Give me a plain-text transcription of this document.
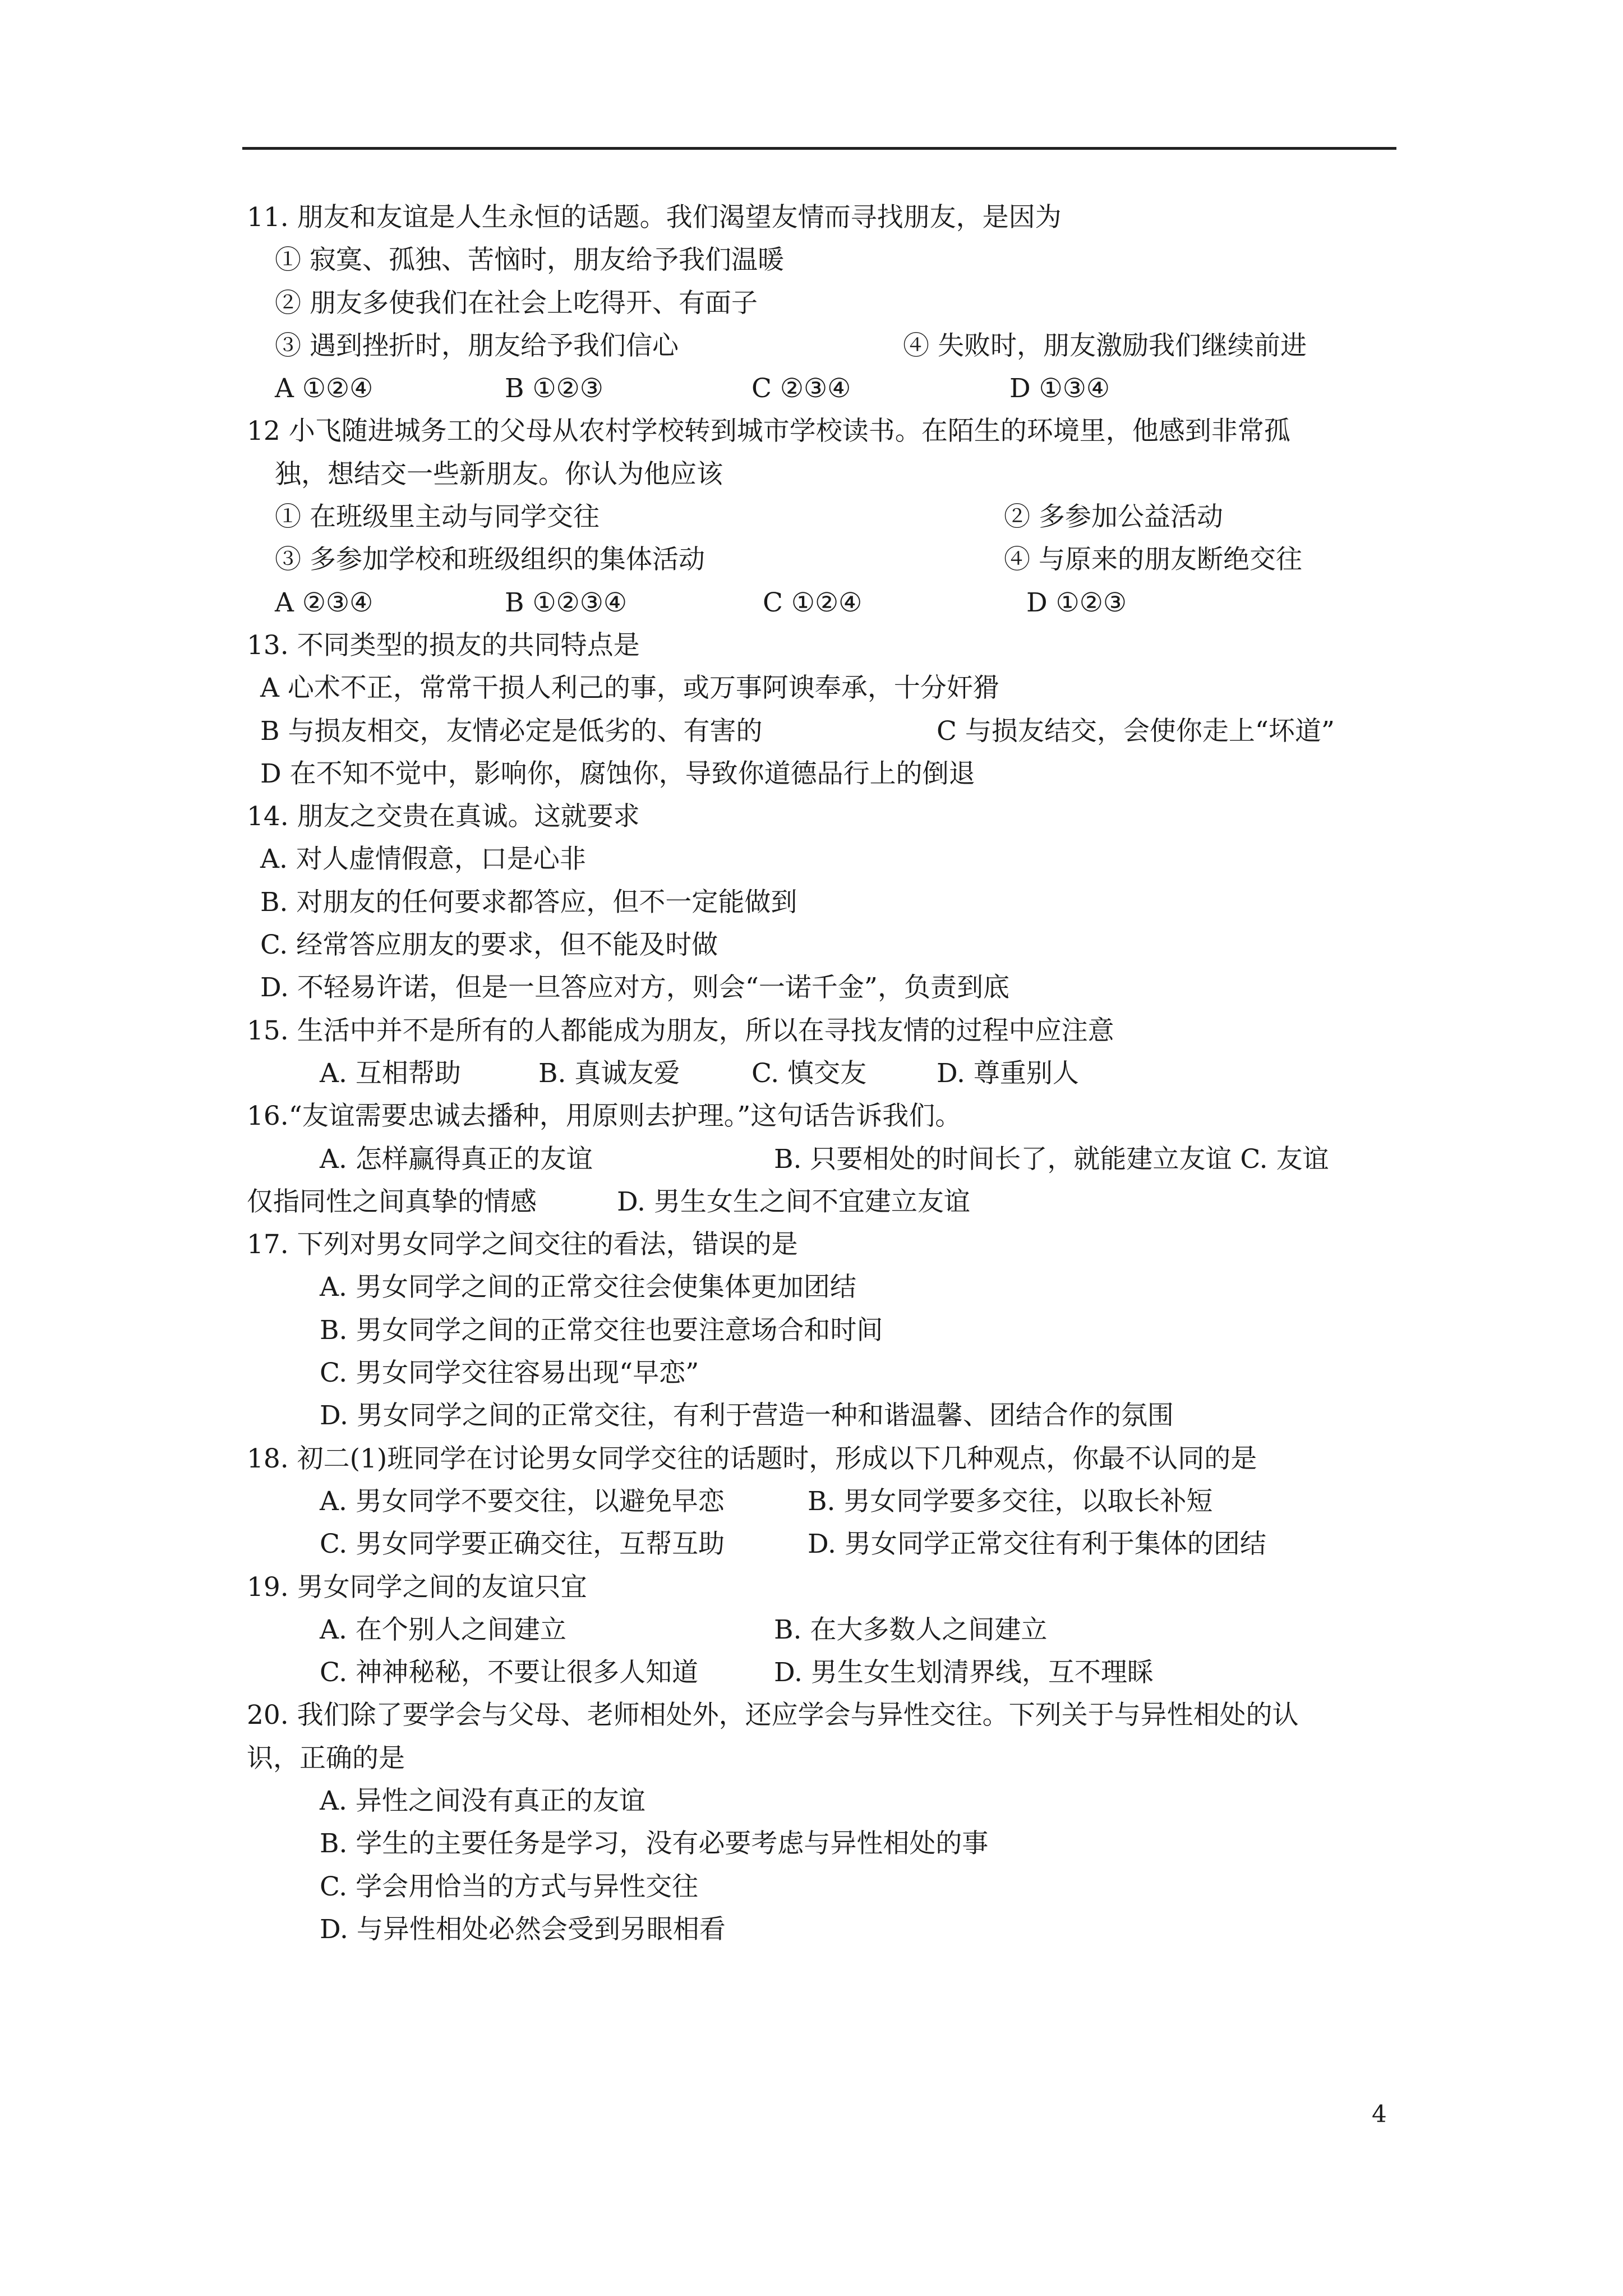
11. 朋友和友谊是人生永恒的话题。我们渴望友情而寻找朋友，是因为
① 寂寞、孤独、苦恼时，朋友给予我们温暖
② 朋友多使我们在社会上吃得开、有面子
③ 遇到挫折时，朋友给予我们信心	④ 失败时，朋友激励我们继续前进
A ①②④	B ①②③	C ②③④	D ①③④
12 小飞随进城务工的父母从农村学校转到城市学校读书。在陌生的环境里，他感到非常孤
独，想结交一些新朋友。你认为他应该
① 在班级里主动与同学交往	② 多参加公益活动
③ 多参加学校和班级组织的集体活动	④ 与原来的朋友断绝交往
A ②③④	B ①②③④	C ①②④	D ①②③
13. 不同类型的损友的共同特点是
A 心术不正，常常干损人利己的事，或万事阿谀奉承，十分奸猾
B 与损友相交，友情必定是低劣的、有害的	C 与损友结交，会使你走上“坏道”
D 在不知不觉中，影响你，腐蚀你，导致你道德品行上的倒退
14. 朋友之交贵在真诚。这就要求
A. 对人虚情假意，口是心非
B. 对朋友的任何要求都答应，但不一定能做到
C. 经常答应朋友的要求，但不能及时做
D. 不轻易许诺，但是一旦答应对方，则会“一诺千金”，负责到底
15. 生活中并不是所有的人都能成为朋友，所以在寻找友情的过程中应注意
A. 互相帮助	B. 真诚友爱	C. 慎交友	D. 尊重别人
16.“友谊需要忠诚去播种，用原则去护理。”这句话告诉我们。
A. 怎样赢得真正的友谊	B. 只要相处的时间长了，就能建立友谊 C. 友谊
仅指同性之间真挚的情感	D. 男生女生之间不宜建立友谊
17. 下列对男女同学之间交往的看法，错误的是
A. 男女同学之间的正常交往会使集体更加团结
B. 男女同学之间的正常交往也要注意场合和时间
C. 男女同学交往容易出现“早恋”
D. 男女同学之间的正常交往，有利于营造一种和谐温馨、团结合作的氛围
18. 初二(1)班同学在讨论男女同学交往的话题时，形成以下几种观点，你最不认同的是
A. 男女同学不要交往，以避免早恋	B. 男女同学要多交往，以取长补短
C. 男女同学要正确交往，互帮互助	D. 男女同学正常交往有利于集体的团结
19. 男女同学之间的友谊只宜
A. 在个别人之间建立	B. 在大多数人之间建立
C. 神神秘秘，不要让很多人知道	D. 男生女生划清界线，互不理睬
20. 我们除了要学会与父母、老师相处外，还应学会与异性交往。下列关于与异性相处的认
识，正确的是
A. 异性之间没有真正的友谊
B. 学生的主要任务是学习，没有必要考虑与异性相处的事
C. 学会用恰当的方式与异性交往
D. 与异性相处必然会受到另眼相看
4
